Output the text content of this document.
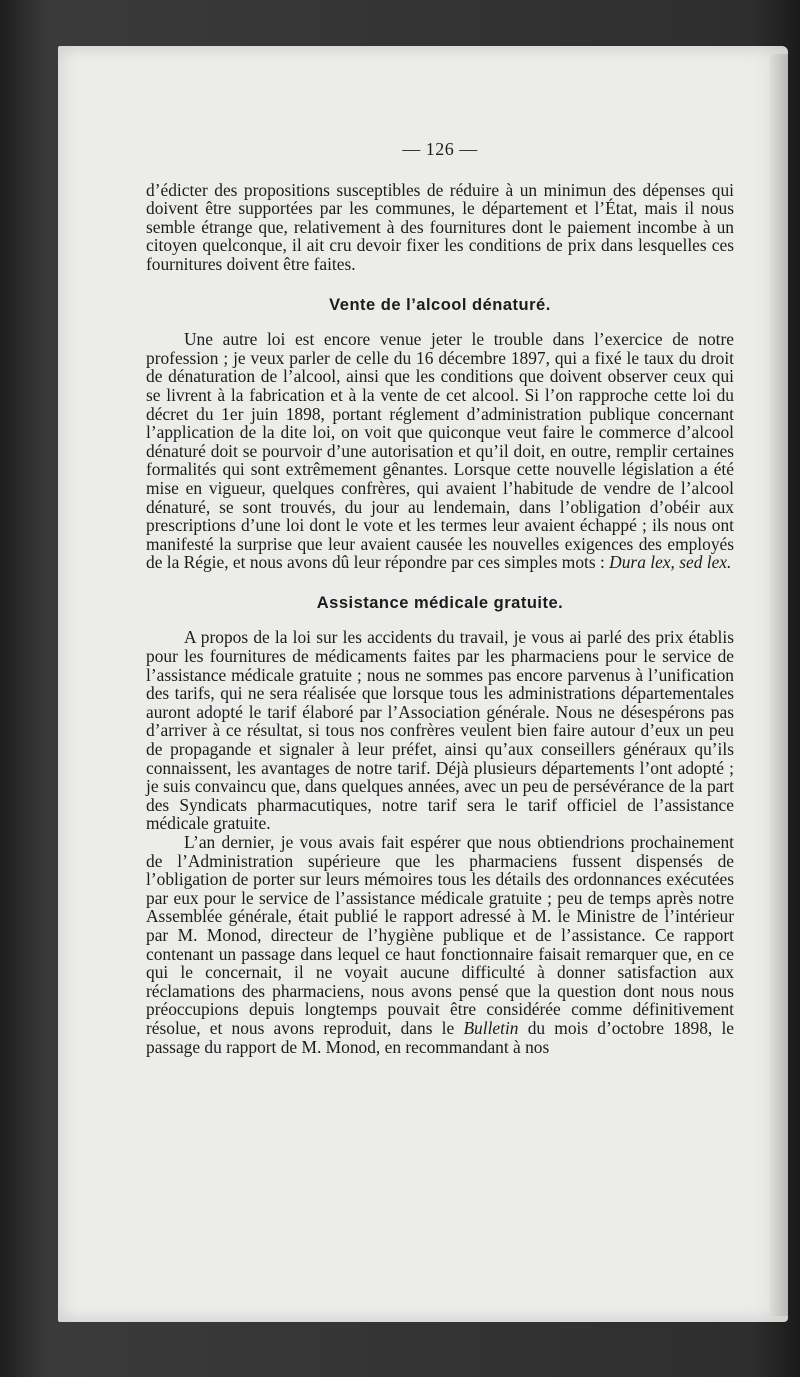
— 126 —

d’édicter des propositions susceptibles de réduire à un minimun des dépenses qui doivent être supportées par les communes, le département et l’État, mais il nous semble étrange que, relativement à des fournitures dont le paiement incombe à un citoyen quelconque, il ait cru devoir fixer les conditions de prix dans lesquelles ces fournitures doivent être faites.

Vente de l’alcool dénaturé.

Une autre loi est encore venue jeter le trouble dans l’exercice de notre profession ; je veux parler de celle du 16 décembre 1897, qui a fixé le taux du droit de dénaturation de l’alcool, ainsi que les conditions que doivent observer ceux qui se livrent à la fabrication et à la vente de cet alcool. Si l’on rapproche cette loi du décret du 1er juin 1898, portant réglement d’administration publique concernant l’application de la dite loi, on voit que quiconque veut faire le commerce d’alcool dénaturé doit se pourvoir d’une autorisation et qu’il doit, en outre, remplir certaines formalités qui sont extrêmement gênantes. Lorsque cette nouvelle législation a été mise en vigueur, quelques confrères, qui avaient l’habitude de vendre de l’alcool dénaturé, se sont trouvés, du jour au lendemain, dans l’obligation d’obéir aux prescriptions d’une loi dont le vote et les termes leur avaient échappé ; ils nous ont manifesté la surprise que leur avaient causée les nouvelles exigences des employés de la Régie, et nous avons dû leur répondre par ces simples mots : Dura lex, sed lex.

Assistance médicale gratuite.

A propos de la loi sur les accidents du travail, je vous ai parlé des prix établis pour les fournitures de médicaments faites par les pharmaciens pour le service de l’assistance médicale gratuite ; nous ne sommes pas encore parvenus à l’unification des tarifs, qui ne sera réalisée que lorsque tous les administrations départementales auront adopté le tarif élaboré par l’Association générale. Nous ne désespérons pas d’arriver à ce résultat, si tous nos confrères veulent bien faire autour d’eux un peu de propagande et signaler à leur préfet, ainsi qu’aux conseillers généraux qu’ils connaissent, les avantages de notre tarif. Déjà plusieurs départements l’ont adopté ; je suis convaincu que, dans quelques années, avec un peu de persévérance de la part des Syndicats pharmacutiques, notre tarif sera le tarif officiel de l’assistance médicale gratuite.

L’an dernier, je vous avais fait espérer que nous obtiendrions prochainement de l’Administration supérieure que les pharmaciens fussent dispensés de l’obligation de porter sur leurs mémoires tous les détails des ordonnances exécutées par eux pour le service de l’assistance médicale gratuite ; peu de temps après notre Assemblée générale, était publié le rapport adressé à M. le Ministre de l’intérieur par M. Monod, directeur de l’hygiène publique et de l’assistance. Ce rapport contenant un passage dans lequel ce haut fonctionnaire faisait remarquer que, en ce qui le concernait, il ne voyait aucune difficulté à donner satisfaction aux réclamations des pharmaciens, nous avons pensé que la question dont nous nous préoccupions depuis longtemps pouvait être considérée comme définitivement résolue, et nous avons reproduit, dans le Bulletin du mois d’octobre 1898, le passage du rapport de M. Monod, en recommandant à nos
